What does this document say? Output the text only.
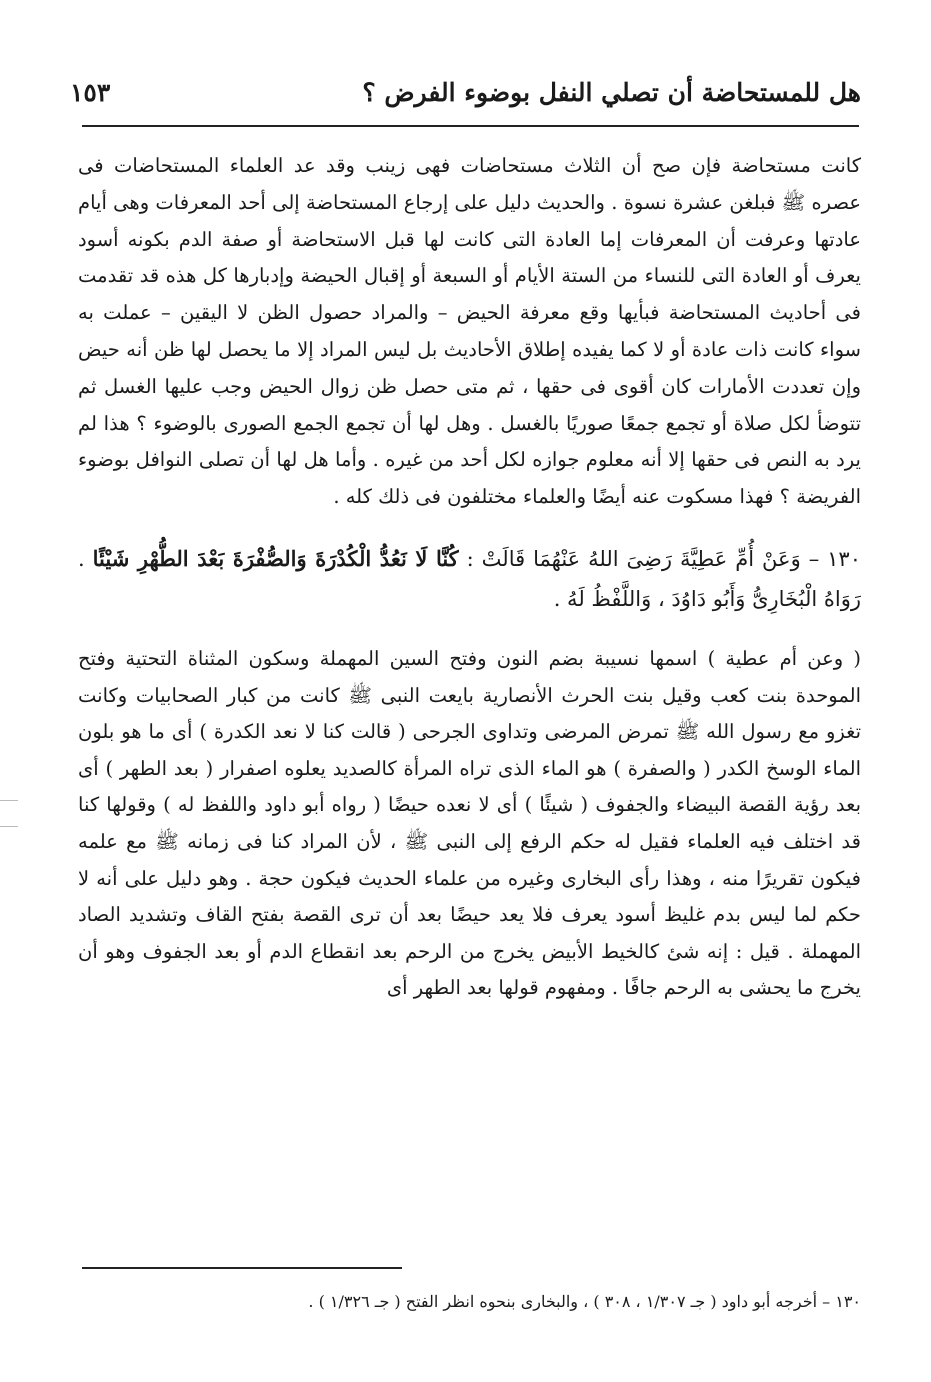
هل للمستحاضة أن تصلي النفل بوضوء الفرض ؟
١٥٣

كانت مستحاضة فإن صح أن الثلاث مستحاضات فهى زينب وقد عد العلماء المستحاضات فى عصره ﷺ فبلغن عشرة نسوة . والحديث دليل على إرجاع المستحاضة إلى أحد المعرفات وهى أيام عادتها وعرفت أن المعرفات إما العادة التى كانت لها قبل الاستحاضة أو صفة الدم بكونه أسود يعرف أو العادة التى للنساء من الستة الأيام أو السبعة أو إقبال الحيضة وإدبارها كل هذه قد تقدمت فى أحاديث المستحاضة فبأيها وقع معرفة الحيض – والمراد حصول الظن لا اليقين – عملت به سواء كانت ذات عادة أو لا كما يفيده إطلاق الأحاديث بل ليس المراد إلا ما يحصل لها ظن أنه حيض وإن تعددت الأمارات كان أقوى فى حقها ، ثم متى حصل ظن زوال الحيض وجب عليها الغسل ثم تتوضأ لكل صلاة أو تجمع جمعًا صوريًا بالغسل . وهل لها أن تجمع الجمع الصورى بالوضوء ؟ هذا لم يرد به النص فى حقها إلا أنه معلوم جوازه لكل أحد من غيره . وأما هل لها أن تصلى النوافل بوضوء الفريضة ؟ فهذا مسكوت عنه أيضًا والعلماء مختلفون فى ذلك كله .

١٣٠ – وَعَنْ أُمِّ عَطِيَّةَ رَضِىَ اللهُ عَنْهُمَا قَالَتْ : كُنَّا لَا نَعُدُّ الْكُدْرَةَ وَالصُّفْرَةَ بَعْدَ الطُّهْرِ شَيْئًا . رَوَاهُ الْبُخَارِىُّ وَأَبُو دَاوُدَ ، وَاللَّفْظُ لَهُ .

( وعن أم عطية ) اسمها نسيبة بضم النون وفتح السين المهملة وسكون المثناة التحتية وفتح الموحدة بنت كعب وقيل بنت الحرث الأنصارية بايعت النبى ﷺ كانت من كبار الصحابيات وكانت تغزو مع رسول الله ﷺ تمرض المرضى وتداوى الجرحى ( قالت كنا لا نعد الكدرة ) أى ما هو بلون الماء الوسخ الكدر ( والصفرة ) هو الماء الذى تراه المرأة كالصديد يعلوه اصفرار ( بعد الطهر ) أى بعد رؤية القصة البيضاء والجفوف ( شيئًا ) أى لا نعده حيضًا ( رواه أبو داود واللفظ له ) وقولها كنا قد اختلف فيه العلماء فقيل له حكم الرفع إلى النبى ﷺ ، لأن المراد كنا فى زمانه ﷺ مع علمه فيكون تقريرًا منه ، وهذا رأى البخارى وغيره من علماء الحديث فيكون حجة . وهو دليل على أنه لا حكم لما ليس بدم غليظ أسود يعرف فلا يعد حيضًا بعد أن ترى القصة بفتح القاف وتشديد الصاد المهملة . قيل : إنه شئ كالخيط الأبيض يخرج من الرحم بعد انقطاع الدم أو بعد الجفوف وهو أن يخرج ما يحشى به الرحم جافًا . ومفهوم قولها بعد الطهر أى

١٣٠ – أخرجه أبو داود ( جـ ١/٣٠٧ ، ٣٠٨ ) ، والبخارى بنحوه انظر الفتح ( جـ ١/٣٢٦ ) .
